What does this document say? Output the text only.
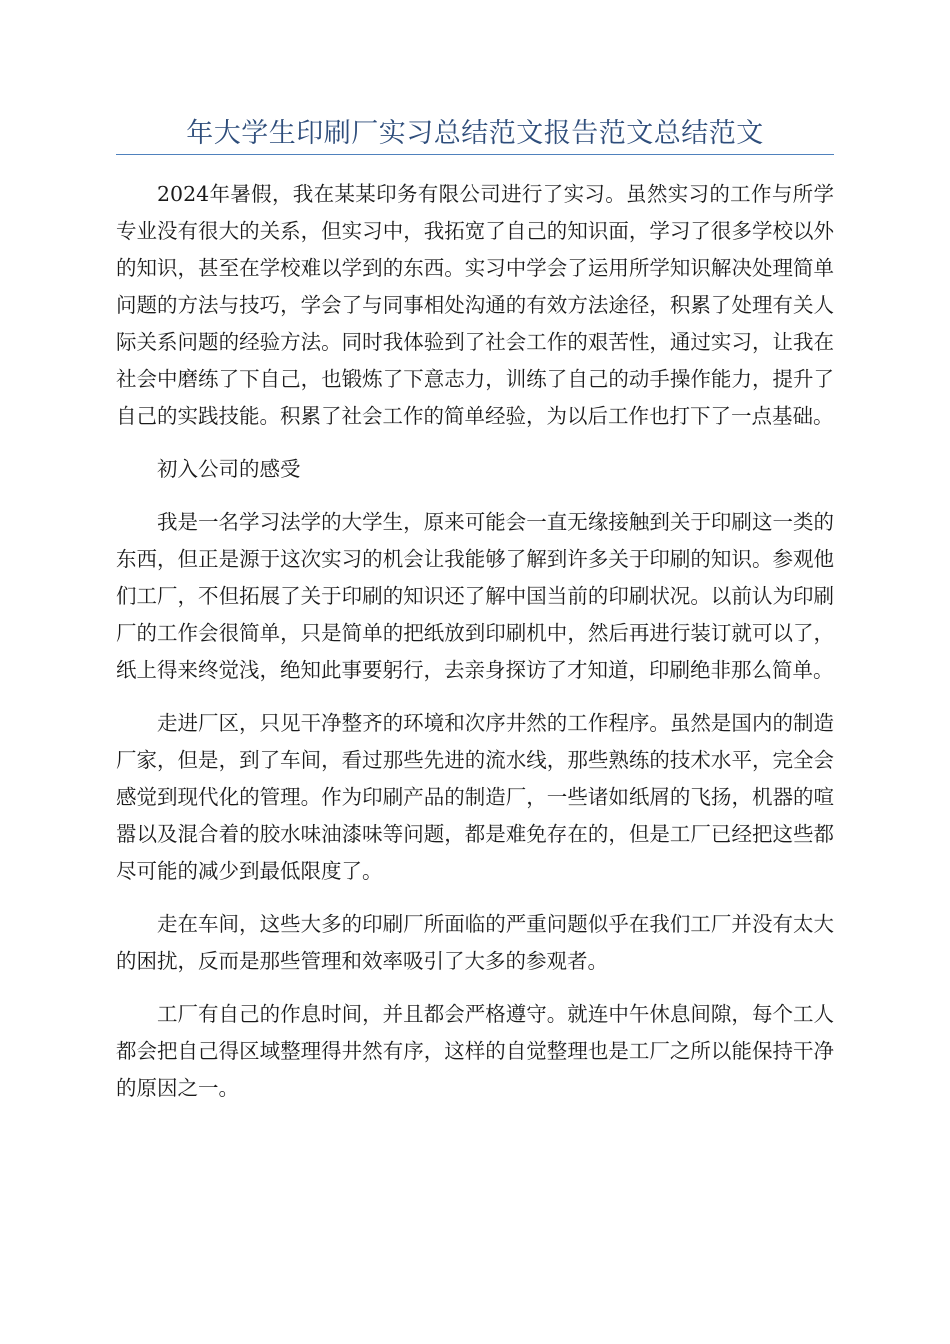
年大学生印刷厂实习总结范文报告范文总结范文

2024年暑假，我在某某印务有限公司进行了实习。虽然实习的工作与所学专业没有很大的关系，但实习中，我拓宽了自己的知识面，学习了很多学校以外的知识，甚至在学校难以学到的东西。实习中学会了运用所学知识解决处理简单问题的方法与技巧，学会了与同事相处沟通的有效方法途径，积累了处理有关人际关系问题的经验方法。同时我体验到了社会工作的艰苦性，通过实习，让我在社会中磨练了下自己，也锻炼了下意志力，训练了自己的动手操作能力，提升了自己的实践技能。积累了社会工作的简单经验，为以后工作也打下了一点基础。

初入公司的感受

我是一名学习法学的大学生，原来可能会一直无缘接触到关于印刷这一类的东西，但正是源于这次实习的机会让我能够了解到许多关于印刷的知识。参观他们工厂，不但拓展了关于印刷的知识还了解中国当前的印刷状况。以前认为印刷厂的工作会很简单，只是简单的把纸放到印刷机中，然后再进行装订就可以了，纸上得来终觉浅，绝知此事要躬行，去亲身探访了才知道，印刷绝非那么简单。

走进厂区，只见干净整齐的环境和次序井然的工作程序。虽然是国内的制造厂家，但是，到了车间，看过那些先进的流水线，那些熟练的技术水平，完全会感觉到现代化的管理。作为印刷产品的制造厂，一些诸如纸屑的飞扬，机器的喧嚣以及混合着的胶水味油漆味等问题，都是难免存在的，但是工厂已经把这些都尽可能的减少到最低限度了。

走在车间，这些大多的印刷厂所面临的严重问题似乎在我们工厂并没有太大的困扰，反而是那些管理和效率吸引了大多的参观者。

工厂有自己的作息时间，并且都会严格遵守。就连中午休息间隙，每个工人都会把自己得区域整理得井然有序，这样的自觉整理也是工厂之所以能保持干净的原因之一。
